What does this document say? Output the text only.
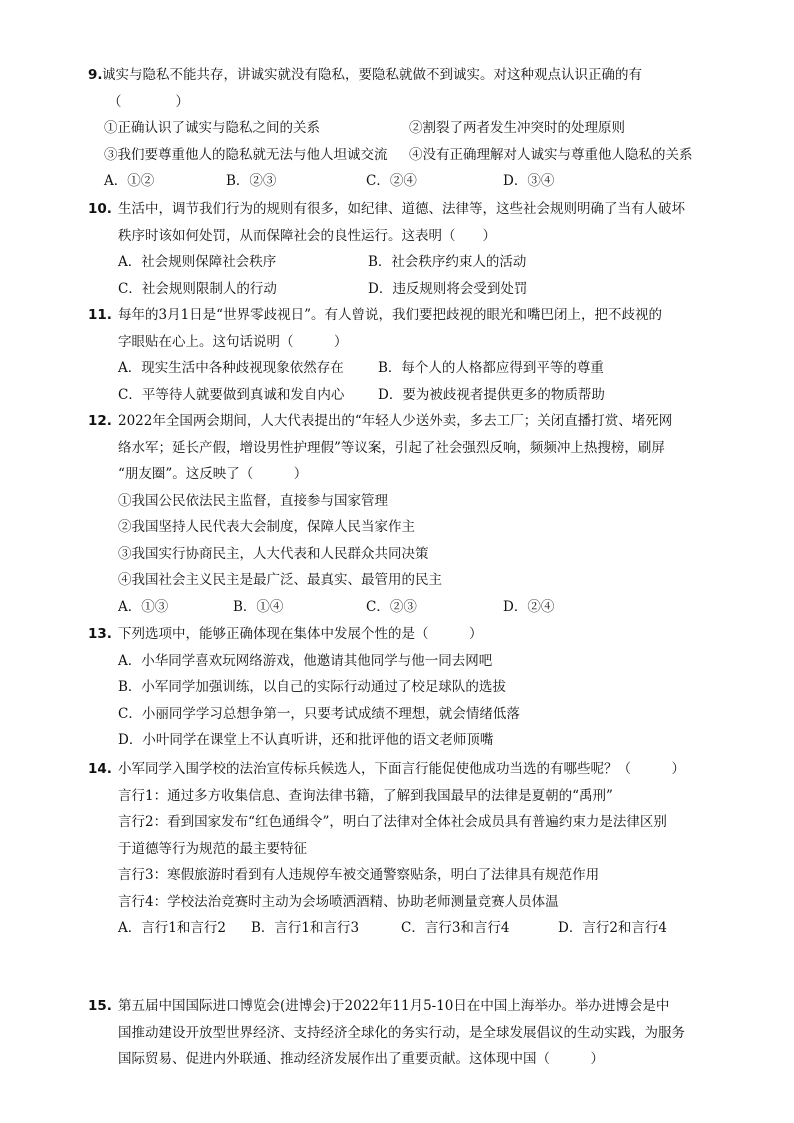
9. 诚实与隐私不能共存，讲诚实就没有隐私，要隐私就做不到诚实。对这种观点认识正确的有
（　　　　）
①正确认识了诚实与隐私之间的关系	②割裂了两者发生冲突时的处理原则
③我们要尊重他人的隐私就无法与他人坦诚交流	④没有正确理解对人诚实与尊重他人隐私的关系
A．①②	B．②③	C．②④	D．③④
10. 生活中，调节我们行为的规则有很多，如纪律、道德、法律等，这些社会规则明确了当有人破坏
秩序时该如何处罚，从而保障社会的良性运行。这表明（　　）
A．社会规则保障社会秩序	B．社会秩序约束人的活动
C．社会规则限制人的行动	D．违反规则将会受到处罚
11. 每年的3月1日是“世界零歧视日”。有人曾说，我们要把歧视的眼光和嘴巴闭上，把不歧视的
字眼贴在心上。这句话说明（　　　）
A．现实生活中各种歧视现象依然存在	B．每个人的人格都应得到平等的尊重
C．平等待人就要做到真诚和发自内心	D．要为被歧视者提供更多的物质帮助
12. 2022年全国两会期间，人大代表提出的“年轻人少送外卖，多去工厂；关闭直播打赏、堵死网
络水军；延长产假，增设男性护理假”等议案，引起了社会强烈反响，频频冲上热搜榜，刷屏
“朋友圈”。这反映了（　　　）
①我国公民依法民主监督，直接参与国家管理
②我国坚持人民代表大会制度，保障人民当家作主
③我国实行协商民主，人大代表和人民群众共同决策
④我国社会主义民主是最广泛、最真实、最管用的民主
A．①③	B．①④	C．②③	D．②④
13. 下列选项中，能够正确体现在集体中发展个性的是（　　　）
A．小华同学喜欢玩网络游戏，他邀请其他同学与他一同去网吧
B．小军同学加强训练，以自己的实际行动通过了校足球队的选拔
C．小丽同学学习总想争第一，只要考试成绩不理想，就会情绪低落
D．小叶同学在课堂上不认真听讲，还和批评他的语文老师顶嘴
14. 小军同学入围学校的法治宣传标兵候选人，下面言行能促使他成功当选的有哪些呢？（　　　）
言行1：通过多方收集信息、查询法律书籍，了解到我国最早的法律是夏朝的“禹刑”
言行2：看到国家发布“红色通缉令”，明白了法律对全体社会成员具有普遍约束力是法律区别
于道德等行为规范的最主要特征
言行3：寒假旅游时看到有人违规停车被交通警察贴条，明白了法律具有规范作用
言行4：学校法治竞赛时主动为会场喷洒酒精、协助老师测量竞赛人员体温
A．言行1和言行2	B．言行1和言行3	C．言行3和言行4	D．言行2和言行4
15. 第五届中国国际进口博览会(进博会)于2022年11月5-10日在中国上海举办。举办进博会是中
国推动建设开放型世界经济、支持经济全球化的务实行动，是全球发展倡议的生动实践，为服务
国际贸易、促进内外联通、推动经济发展作出了重要贡献。这体现中国（　　　）
